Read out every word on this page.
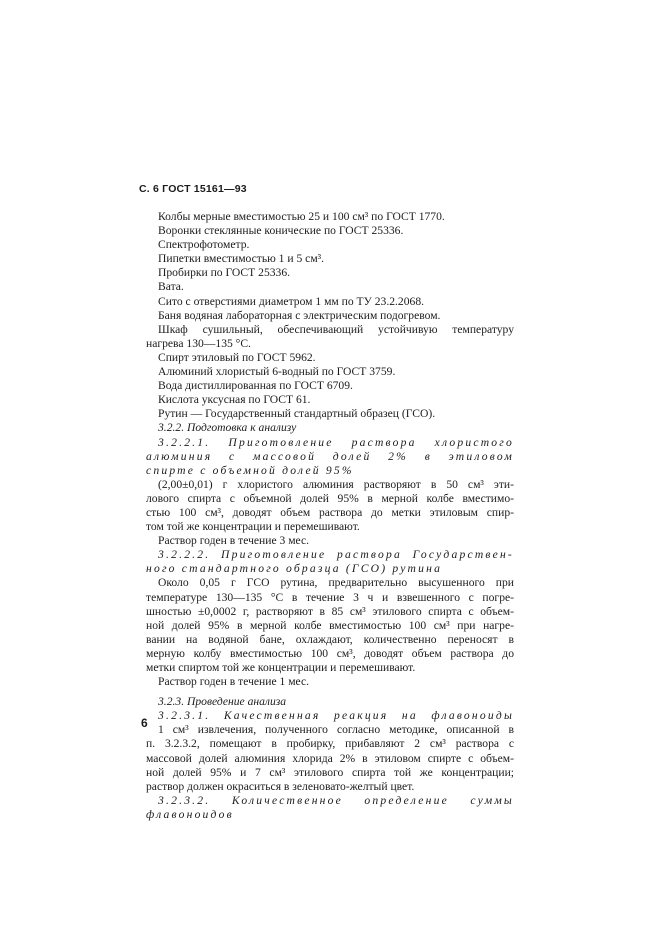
С. 6 ГОСТ 15161—93
Колбы мерные вместимостью 25 и 100 см³ по ГОСТ 1770.
Воронки стеклянные конические по ГОСТ 25336.
Спектрофотометр.
Пипетки вместимостью 1 и 5 см³.
Пробирки по ГОСТ 25336.
Вата.
Сито с отверстиями диаметром 1 мм по ТУ 23.2.2068.
Баня водяная лабораторная с электрическим подогревом.
Шкаф сушильный, обеспечивающий устойчивую температуру
нагрева 130—135 °С.
Спирт этиловый по ГОСТ 5962.
Алюминий хлористый 6-водный по ГОСТ 3759.
Вода дистиллированная по ГОСТ 6709.
Кислота уксусная по ГОСТ 61.
Рутин — Государственный стандартный образец (ГСО).
3.2.2. Подготовка к анализу
3.2.2.1. Приготовление раствора хлористого
алюминия с массовой долей 2% в этиловом
спирте с объемной долей 95%
(2,00±0,01) г хлористого алюминия растворяют в 50 см³ эти-
лового спирта с объемной долей 95% в мерной колбе вместимо-
стью 100 см³, доводят объем раствора до метки этиловым спир-
том той же концентрации и перемешивают.
Раствор годен в течение 3 мес.
3.2.2.2. Приготовление раствора Государствен-
ного стандартного образца (ГСО) рутина
Около 0,05 г ГСО рутина, предварительно высушенного при
температуре 130—135 °С в течение 3 ч и взвешенного с погре-
шностью ±0,0002 г, растворяют в 85 см³ этилового спирта с объем-
ной долей 95% в мерной колбе вместимостью 100 см³ при нагре-
вании на водяной бане, охлаждают, количественно переносят в
мерную колбу вместимостью 100 см³, доводят объем раствора до
метки спиртом той же концентрации и перемешивают.
Раствор годен в течение 1 мес.
3.2.3. Проведение анализа
3.2.3.1. Качественная реакция на флавоноиды
1 см³ извлечения, полученного согласно методике, описанной в
п. 3.2.3.2, помещают в пробирку, прибавляют 2 см³ раствора с
массовой долей алюминия хлорида 2% в этиловом спирте с объем-
ной долей 95% и 7 см³ этилового спирта той же концентрации;
раствор должен окраситься в зеленовато-желтый цвет.
3.2.3.2. Количественное определение суммы
флавоноидов
6
